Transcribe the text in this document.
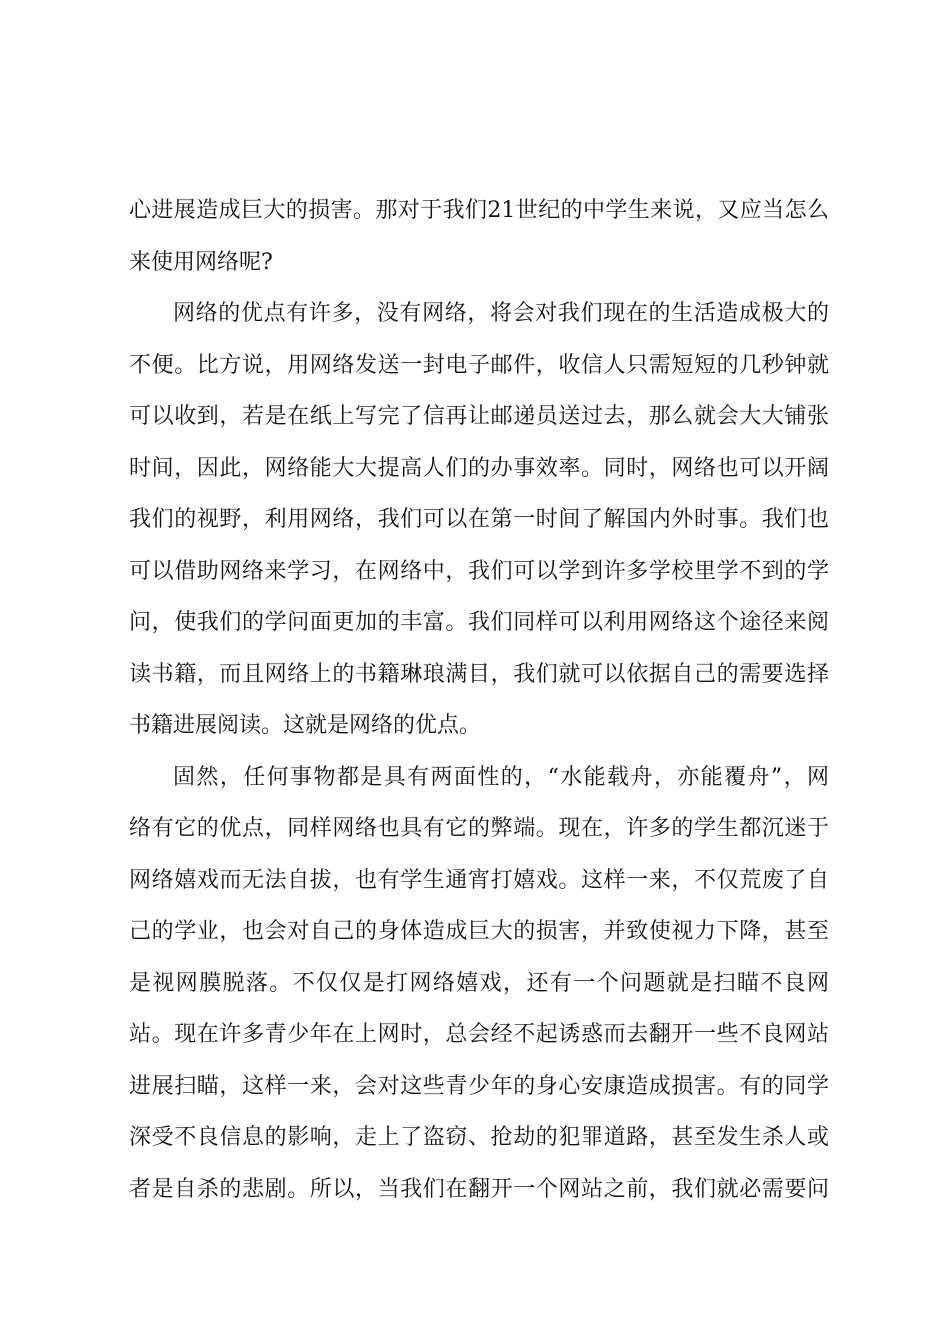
心进展造成巨大的损害。那对于我们21世纪的中学生来说，又应当怎么
来使用网络呢?
网络的优点有许多，没有网络，将会对我们现在的生活造成极大的
不便。比方说，用网络发送一封电子邮件，收信人只需短短的几秒钟就
可以收到，若是在纸上写完了信再让邮递员送过去，那么就会大大铺张
时间，因此，网络能大大提高人们的办事效率。同时，网络也可以开阔
我们的视野，利用网络，我们可以在第一时间了解国内外时事。我们也
可以借助网络来学习，在网络中，我们可以学到许多学校里学不到的学
问，使我们的学问面更加的丰富。我们同样可以利用网络这个途径来阅
读书籍，而且网络上的书籍琳琅满目，我们就可以依据自己的需要选择
书籍进展阅读。这就是网络的优点。
固然，任何事物都是具有两面性的，“水能载舟，亦能覆舟”，网
络有它的优点，同样网络也具有它的弊端。现在，许多的学生都沉迷于
网络嬉戏而无法自拔，也有学生通宵打嬉戏。这样一来，不仅荒废了自
己的学业，也会对自己的身体造成巨大的损害，并致使视力下降，甚至
是视网膜脱落。不仅仅是打网络嬉戏，还有一个问题就是扫瞄不良网
站。现在许多青少年在上网时，总会经不起诱惑而去翻开一些不良网站
进展扫瞄，这样一来，会对这些青少年的身心安康造成损害。有的同学
深受不良信息的影响，走上了盗窃、抢劫的犯罪道路，甚至发生杀人或
者是自杀的悲剧。所以，当我们在翻开一个网站之前，我们就必需要问
